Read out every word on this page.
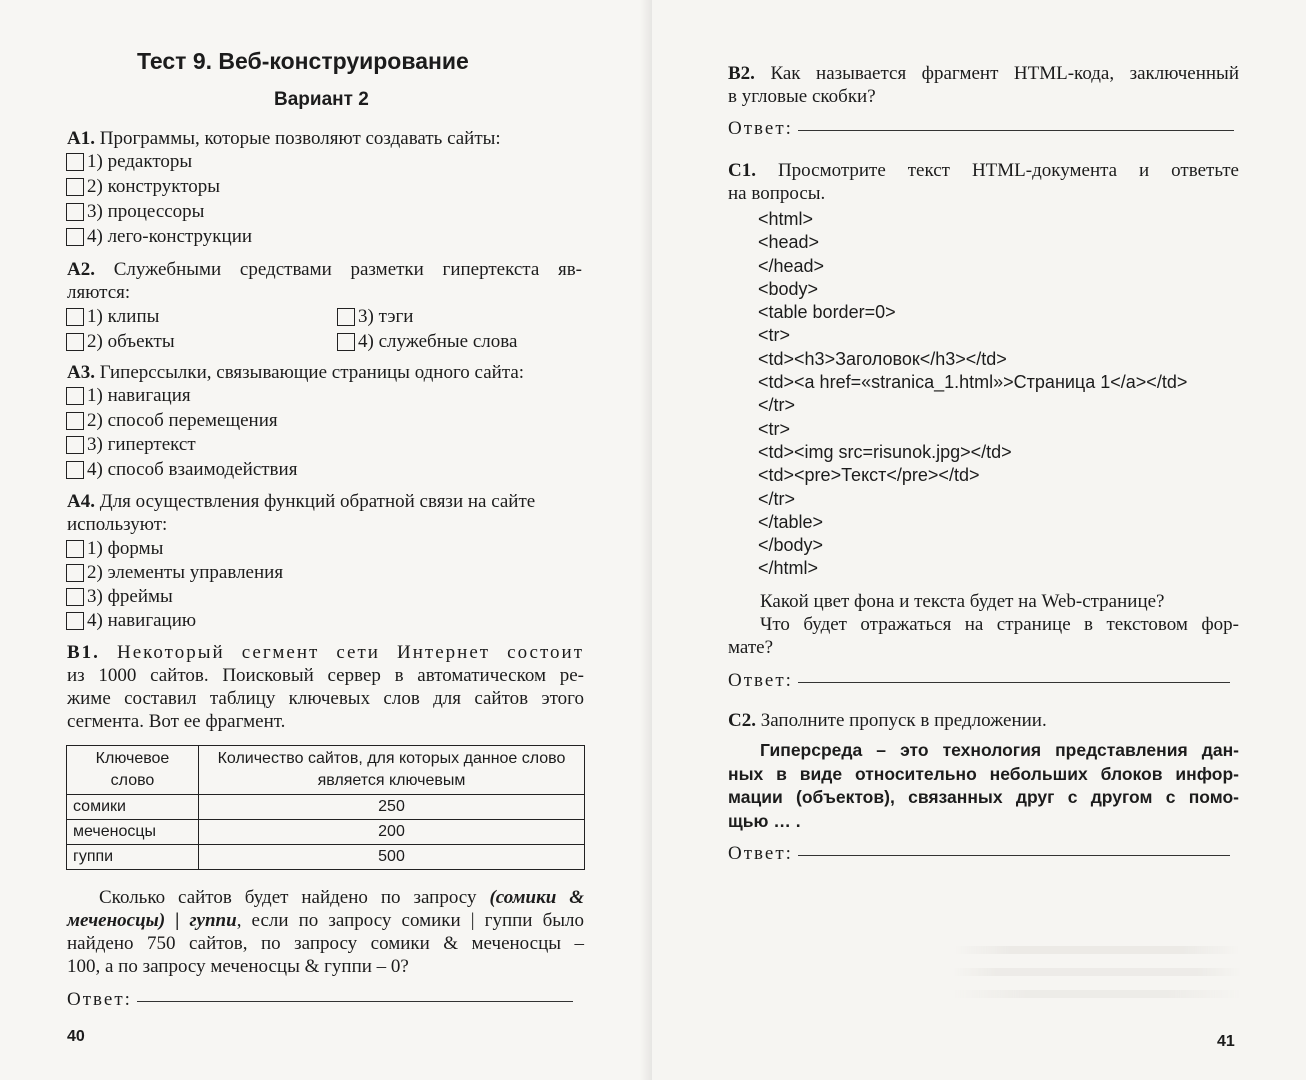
Тест 9. Веб-конструирование
Вариант 2
А1. Программы, которые позволяют создавать сайты:
1) редакторы
2) конструкторы
3) процессоры
4) лего-конструкции
А2. Служебными средствами разметки гипертекста яв-
ляются:
1) клипы
2) объекты
3) тэги
4) служебные слова
А3. Гиперссылки, связывающие страницы одного сайта:
1) навигация
2) способ перемещения
3) гипертекст
4) способ взаимодействия
А4. Для осуществления функций обратной связи на сайте
используют:
1) формы
2) элементы управления
3) фреймы
4) навигацию
В1. Некоторый сегмент сети Интернет состоит
из 1000 сайтов. Поисковый сервер в автоматическом ре-
жиме составил таблицу ключевых слов для сайтов этого
сегмента. Вот ее фрагмент.
Ключевое слово	Количество сайтов, для которых данное слово является ключевым
сомики	250
меченосцы	200
гуппи	500
Сколько сайтов будет найдено по запросу (сомики &
меченосцы) | гуппи, если по запросу сомики | гуппи было
найдено 750 сайтов, по запросу сомики & меченосцы –
100, а по запросу меченосцы & гуппи – 0?
Ответ:
40
В2. Как называется фрагмент HTML-кода, заключенный
в угловые скобки?
Ответ:
С1. Просмотрите текст HTML-документа и ответьте
на вопросы.
<html>
<head>
</head>
<body>
<table border=0>
<tr>
<td><h3>Заголовок</h3></td>
<td><a href=«stranica_1.html»>Страница 1</a></td>
</tr>
<tr>
<td><img src=risunok.jpg></td>
<td><pre>Текст</pre></td>
</tr>
</table>
</body>
</html>
Какой цвет фона и текста будет на Web-странице?
Что будет отражаться на странице в текстовом фор-
мате?
Ответ:
С2. Заполните пропуск в предложении.
Гиперсреда – это технология представления дан-
ных в виде относительно небольших блоков инфор-
мации (объектов), связанных друг с другом с помо-
щью … .
Ответ:
41
